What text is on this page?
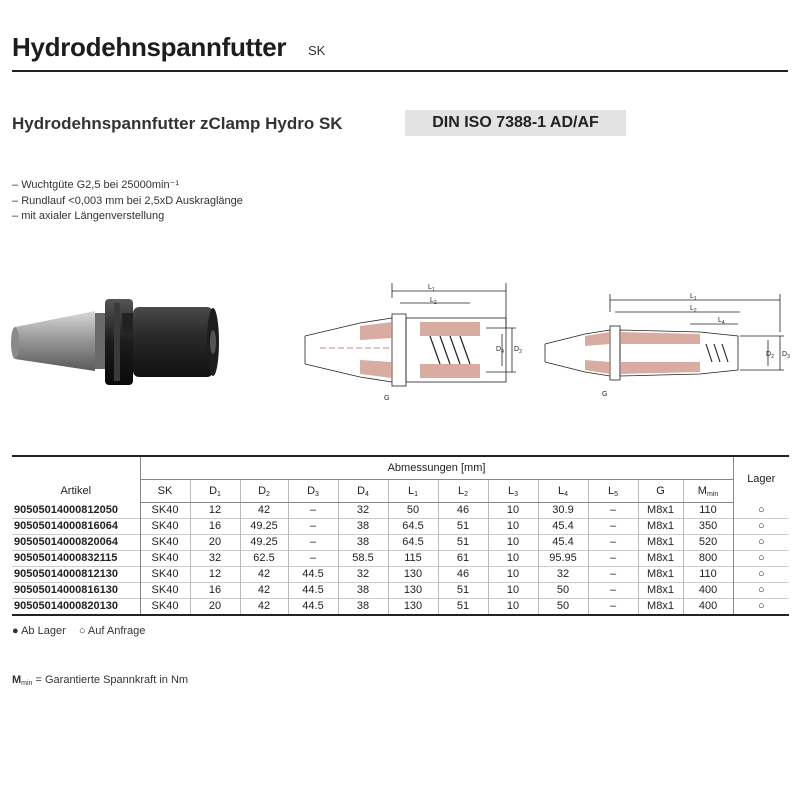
Hydrodehnspannfutter SK
Hydrodehnspannfutter zClamp Hydro SK	DIN ISO 7388-1 AD/AF
– Wuchtgüte G2,5 bei 25000min⁻¹
– Rundlauf <0,003 mm bei 2,5xD Auskraglänge
– mit axialer Längenverstellung
$L_1$
$L_2$
$D_2$
$D_4$
G
$L_1$
$L_2$
$L_4$
$D_2$ $D_3$
G
Artikel	Abmessungen [mm]												Lager
	SK	$D_1$	$D_2$	$D_3$	$D_4$	$L_1$	$L_2$	$L_3$	$L_4$	$L_5$	G	$M_{min}$
90505014000812050	SK40	12	42	–	32	50	46	10	30.9	–	M8x1	110	○
90505014000816064	SK40	16	49.25	–	38	64.5	51	10	45.4	–	M8x1	350	○
90505014000820064	SK40	20	49.25	–	38	64.5	51	10	45.4	–	M8x1	520	○
90505014000832115	SK40	32	62.5	–	58.5	115	61	10	95.95	–	M8x1	800	○
90505014000812130	SK40	12	42	44.5	32	130	46	10	32	–	M8x1	110	○
90505014000816130	SK40	16	42	44.5	38	130	51	10	50	–	M8x1	400	○
90505014000820130	SK40	20	42	44.5	38	130	51	10	50	–	M8x1	400	○
● Ab Lager ○ Auf Anfrage
$M_{min}$ = Garantierte Spannkraft in Nm
